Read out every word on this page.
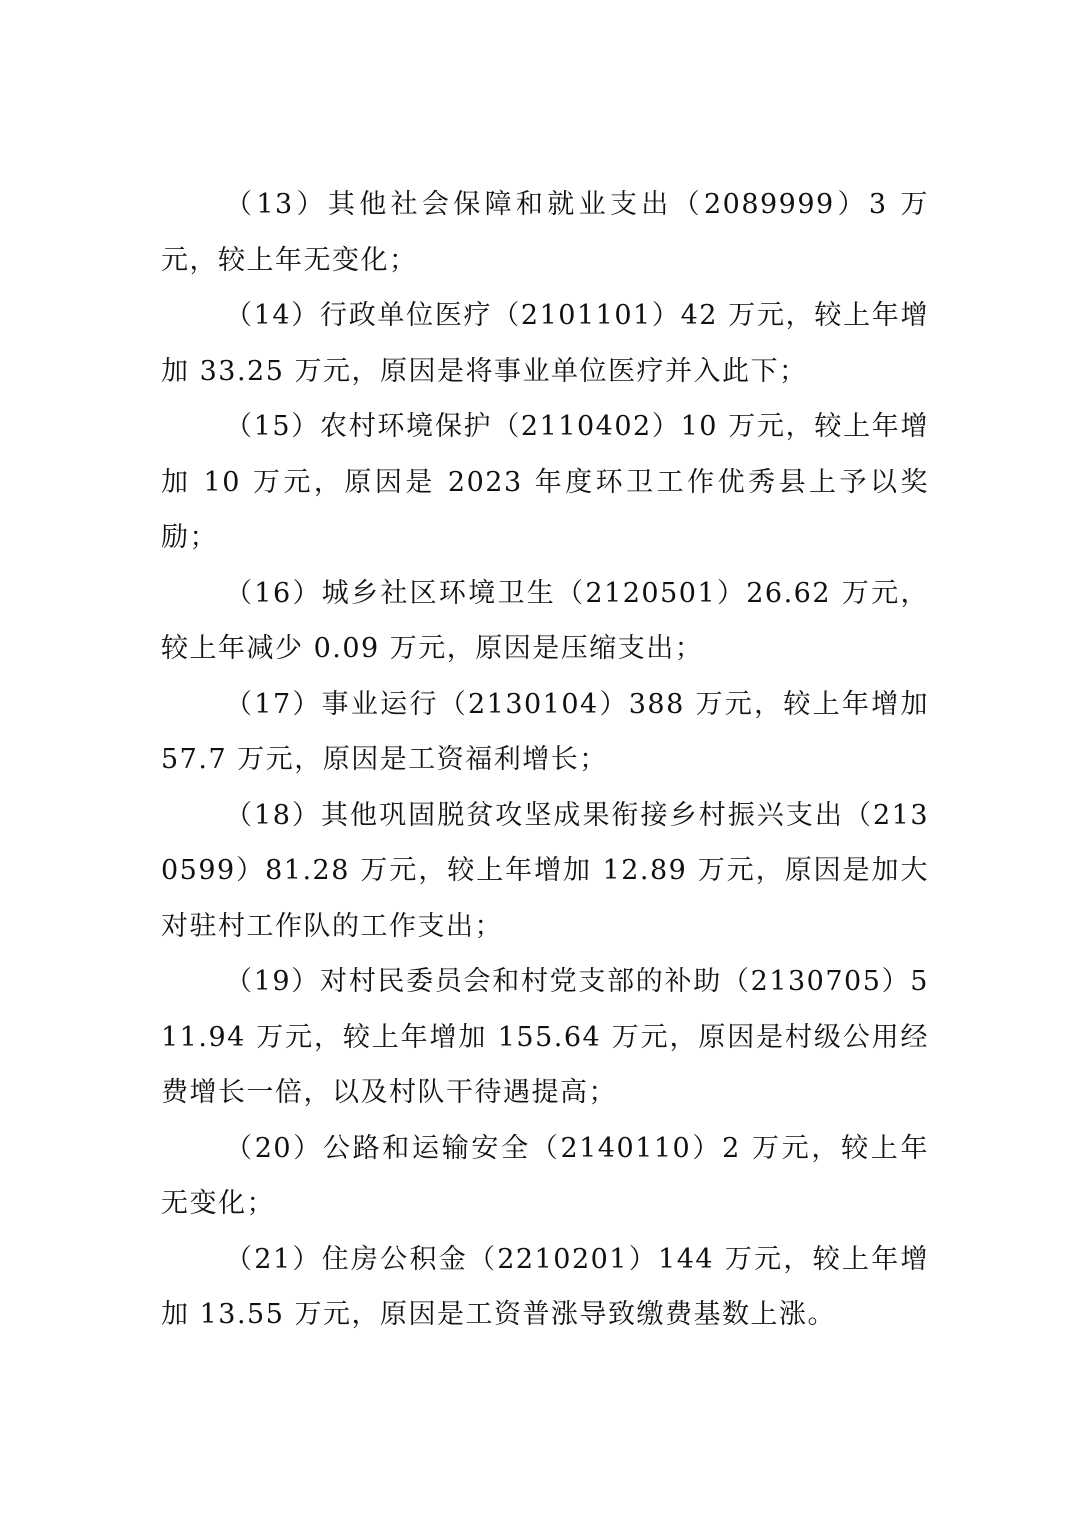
（13）其他社会保障和就业支出（2089999）3 万元，较上年无变化；

（14）行政单位医疗（2101101）42 万元，较上年增加 33.25 万元，原因是将事业单位医疗并入此下；

（15）农村环境保护（2110402）10 万元，较上年增加 10 万元，原因是 2023 年度环卫工作优秀县上予以奖励；

（16）城乡社区环境卫生（2120501）26.62 万元，较上年减少 0.09 万元，原因是压缩支出；

（17）事业运行（2130104）388 万元，较上年增加 57.7 万元，原因是工资福利增长；

（18）其他巩固脱贫攻坚成果衔接乡村振兴支出（2130599）81.28 万元，较上年增加 12.89 万元，原因是加大对驻村工作队的工作支出；

（19）对村民委员会和村党支部的补助（2130705）511.94 万元，较上年增加 155.64 万元，原因是村级公用经费增长一倍，以及村队干待遇提高；

（20）公路和运输安全（2140110）2 万元，较上年无变化；

（21）住房公积金（2210201）144 万元，较上年增加 13.55 万元，原因是工资普涨导致缴费基数上涨。
